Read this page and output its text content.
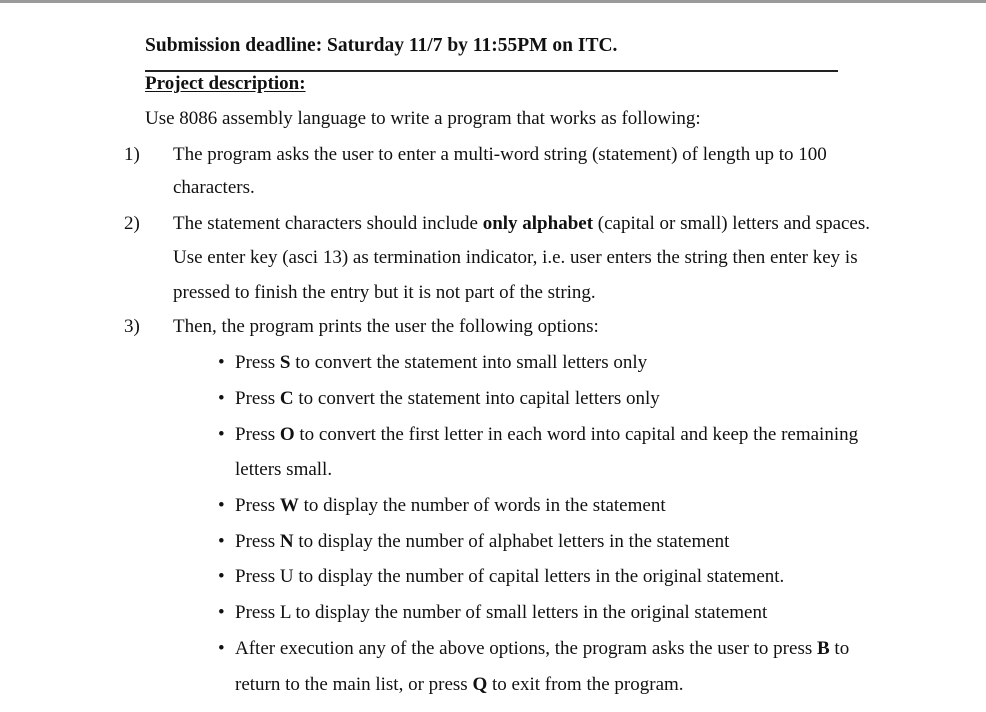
Submission deadline: Saturday 11/7 by 11:55PM on ITC.
Project description:
Use 8086 assembly language to write a program that works as following:
1) The program asks the user to enter a multi-word string (statement) of length up to 100
characters.
2) The statement characters should include only alphabet (capital or small) letters and spaces.
Use enter key (asci 13) as termination indicator, i.e. user enters the string then enter key is
pressed to finish the entry but it is not part of the string.
3) Then, the program prints the user the following options:
• Press S to convert the statement into small letters only
• Press C to convert the statement into capital letters only
• Press O to convert the first letter in each word into capital and keep the remaining
letters small.
• Press W to display the number of words in the statement
• Press N to display the number of alphabet letters in the statement
• Press U to display the number of capital letters in the original statement.
• Press L to display the number of small letters in the original statement
• After execution any of the above options, the program asks the user to press B to
return to the main list, or press Q to exit from the program.
